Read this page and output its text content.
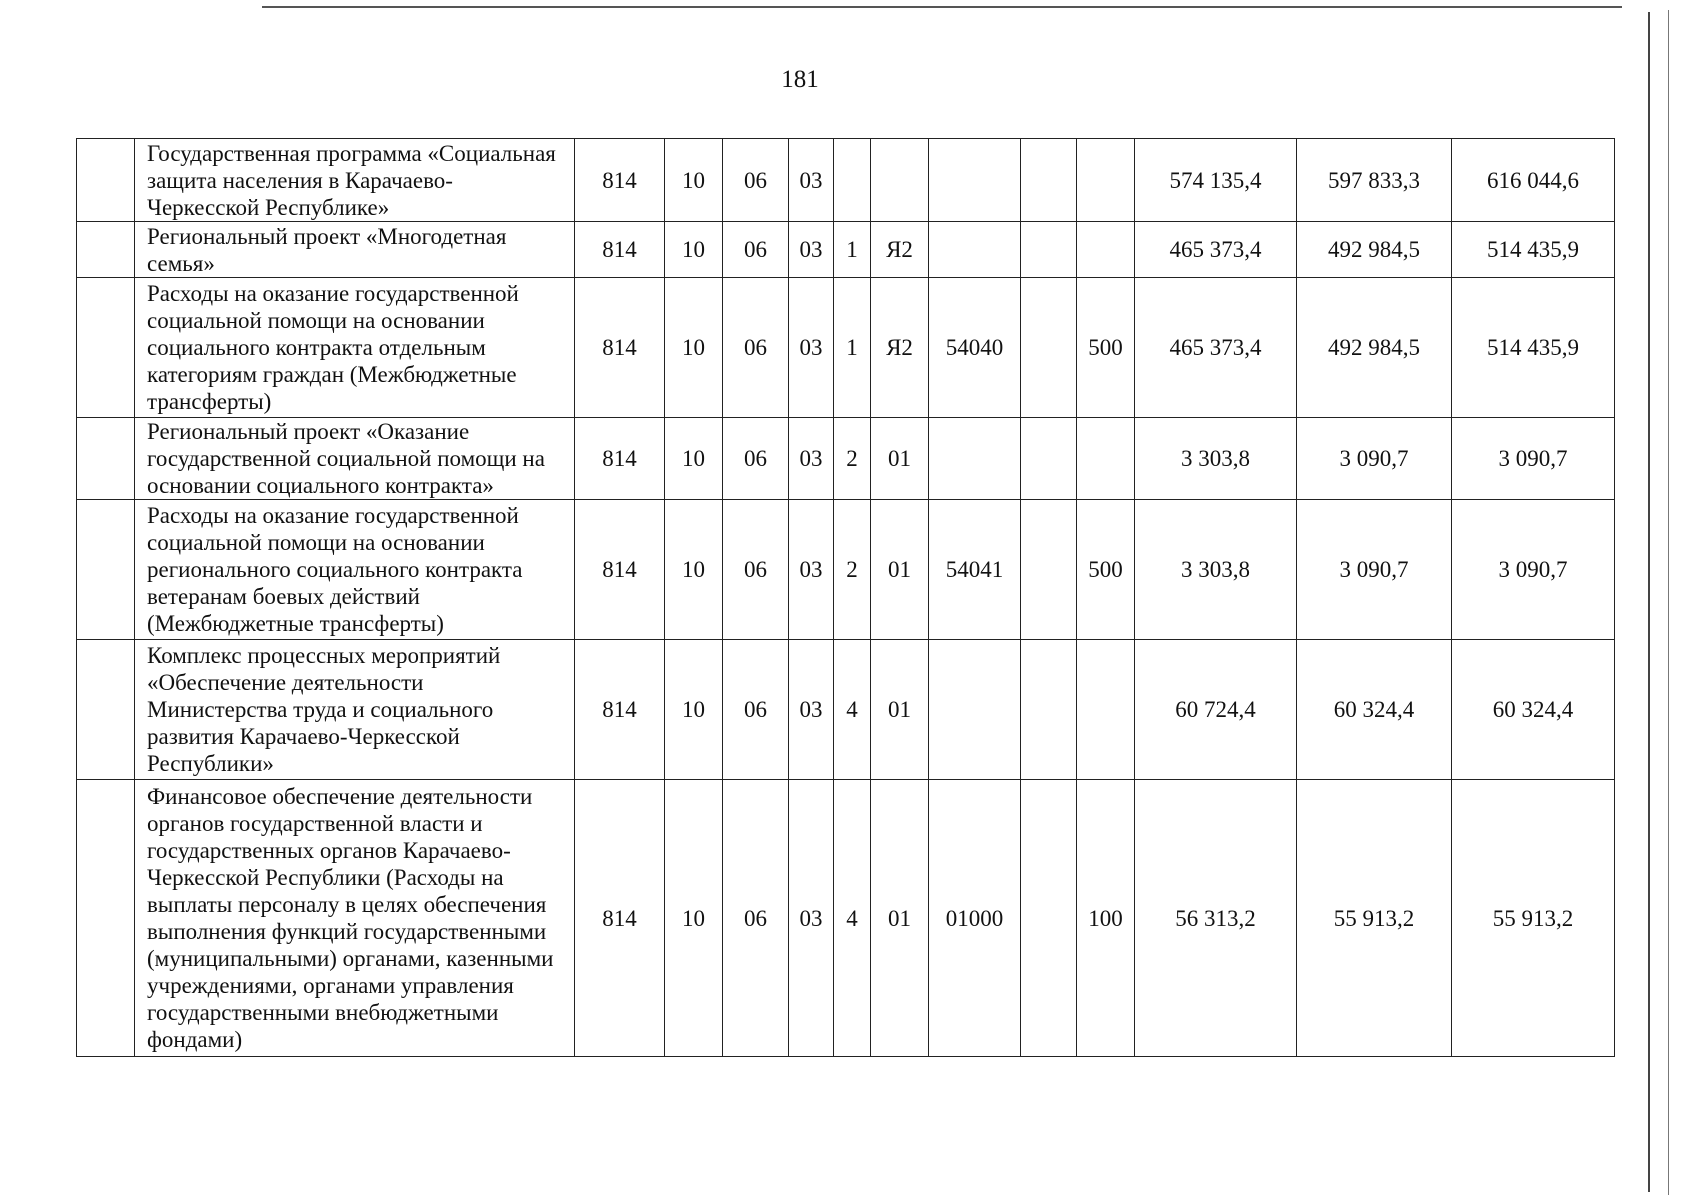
181
	Государственная программа «Социальная защита населения в Карачаево-Черкесской Республике»	814	10	06	03						574 135,4	597 833,3	616 044,6
	Региональный проект «Многодетная семья»	814	10	06	03	1	Я2				465 373,4	492 984,5	514 435,9
	Расходы на оказание государственной социальной помощи на основании социального контракта отдельным категориям граждан (Межбюджетные трансферты)	814	10	06	03	1	Я2	54040		500	465 373,4	492 984,5	514 435,9
	Региональный проект «Оказание государственной социальной помощи на основании социального контракта»	814	10	06	03	2	01				3 303,8	3 090,7	3 090,7
	Расходы на оказание государственной социальной помощи на основании регионального социального контракта ветеранам боевых действий (Межбюджетные трансферты)	814	10	06	03	2	01	54041		500	3 303,8	3 090,7	3 090,7
	Комплекс процессных мероприятий «Обеспечение деятельности Министерства труда и социального развития Карачаево-Черкесской Республики»	814	10	06	03	4	01				60 724,4	60 324,4	60 324,4
	Финансовое обеспечение деятельности органов государственной власти и государственных органов Карачаево-Черкесской Республики (Расходы на выплаты персоналу в целях обеспечения выполнения функций государственными (муниципальными) органами, казенными учреждениями, органами управления государственными внебюджетными фондами)	814	10	06	03	4	01	01000		100	56 313,2	55 913,2	55 913,2
